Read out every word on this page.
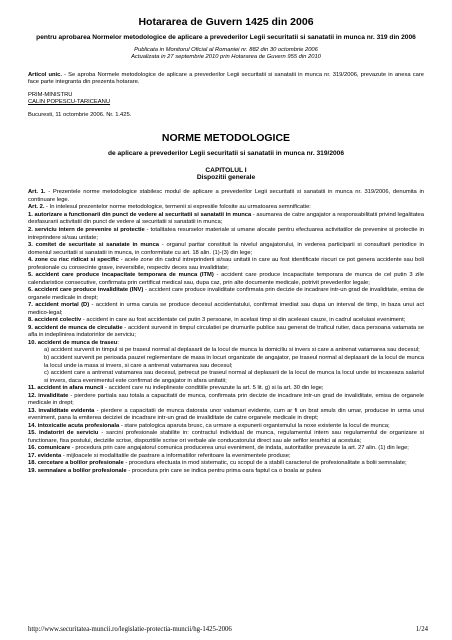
Hotararea de Guvern 1425 din 2006
pentru aprobarea Normelor metodologice de aplicare a prevederilor Legii securitatii si sanatatii in munca nr. 319 din 2006
Publicata in Monitorul Oficial al Romaniei nr. 882 din 30 octombrie 2006
Actualizata in 27 septembrie 2010 prin Hotararea de Guvern 955 din 2010
Articol unic. - Se aproba Normele metodologice de aplicare a prevederilor Legii securitatii si sanatatii in munca nr. 319/2006, prevazute in anexa care face parte integranta din prezenta hotarare.
PRIM-MINISTRU
CALIN POPESCU-TARICEANU
Bucuresti, 11 octombrie 2006. Nr. 1.425.
NORME METODOLOGICE
de aplicare a prevederilor Legii securitatii si sanatatii in munca nr. 319/2006
CAPITOLUL I
Dispozitii generale
Art. 1. - Prezentele norme metodologice stabilesc modul de aplicare a prevederilor Legii securitatii si sanatatii in munca nr. 319/2006, denumita in continuare lege.
Art. 2. - In intelesul prezentelor norme metodologice, termenii si expresiile folosite au urmatoarea semnificatie:
1. autorizare a functionarii din punct de vedere al securitatii si sanatatii in munca - asumarea de catre angajator a responsabilitatii privind legalitatea desfasurarii activitatii din punct de vedere al securitatii si sanatatii in munca;
2. serviciu intern de prevenire si protectie - totalitatea resurselor materiale si umane alocate pentru efectuarea activitatilor de prevenire si protectie in intreprindere si/sau unitate;
3. comitet de securitate si sanatate in munca - organul paritar constituit la nivelul angajatorului, in vederea participarii si consultarii periodice in domeniul securitatii si sanatatii in munca, in conformitate cu art. 18 alin. (1)-(3) din lege;
4. zone cu risc ridicat si specific - acele zone din cadrul intreprinderii si/sau unitatii in care au fost identificate riscuri ce pot genera accidente sau boli profesionale cu consecinte grave, ireversibile, respectiv deces sau invaliditate;
5. accident care produce incapacitate temporara de munca (ITM) - accident care produce incapacitate temporara de munca de cel putin 3 zile calendaristice consecutive, confirmata prin certificat medical sau, dupa caz, prin alte documente medicale, potrivit prevederilor legale;
6. accident care produce invaliditate (INV) - accident care produce invaliditate confirmata prin decizie de incadrare intr-un grad de invaliditate, emisa de organele medicale in drept;
7. accident mortal (D) - accident in urma caruia se produce decesul accidentatului, confirmat imediat sau dupa un interval de timp, in baza unui act medico-legal;
8. accident colectiv - accident in care au fost accidentate cel putin 3 persoane, in acelasi timp si din aceleasi cauze, in cadrul aceluiasi eveniment;
9. accident de munca de circulatie - accident survenit in timpul circulatiei pe drumurile publice sau generat de traficul rutier, daca persoana vatamata se afla in indeplinirea indatoririlor de serviciu;
10. accident de munca de traseu:
a) accident survenit in timpul si pe traseul normal al deplasarii de la locul de munca la domiciliu si invers si care a antrenat vatamarea sau decesul;
b) accident survenit pe perioada pauzei reglementare de masa in locuri organizate de angajator, pe traseul normal al deplasarii de la locul de munca la locul unde ia masa si invers, si care a antrenat vatamarea sau decesul;
c) accident care a antrenat vatamarea sau decesul, petrecut pe traseul normal al deplasarii de la locul de munca la locul unde isi incaseaza salariul si invers, daca evenimentul este confirmat de angajator in afara unitatii;
11. accident in afara muncii - accident care nu indeplineste conditiile prevazute la art. 5 lit. g) si la art. 30 din lege;
12. invaliditate - pierdere partiala sau totala a capacitatii de munca, confirmata prin decizie de incadrare intr-un grad de invaliditate, emisa de organele medicale in drept;
13. invaliditate evidenta - pierdere a capacitatii de munca datorata unor vatamari evidente, cum ar fi un brat smuls din umar, producse in urma unui eveniment, pana la emiterea deciziei de incadrare intr-un grad de invaliditate de catre organele medicale in drept;
14. intoxicatie acuta profesionala - stare patologica aparuta brusc, ca urmare a expunerii organismului la noxe existente la locul de munca;
15. indatoriri de serviciu - sarcini profesionale stabilite in: contractul individual de munca, regulamentul intern sau regulamentul de organizare si functionare, fisa postului, deciziile scrise, dispozitiile scrise ori verbale ale conducatorului direct sau ale sefilor ierarhici ai acestuia;
16. comunicare - procedura prin care angajatorul comunica producerea unui eveniment, de indata, autoritatilor prevazute la art. 27 alin. (1) din lege;
17. evidenta - mijloacele si modalitatile de pastrare a informatiilor referitoare la evenimentele produse;
18. cercetare a bolilor profesionale - procedura efectuata in mod sistematic, cu scopul de a stabili caracterul de profesionalitate a bolii semnalate;
19. semnalare a bolilor profesionale - procedura prin care se indica pentru prima oara faptul ca o boala ar putea
http://www.securitatea-muncii.ro/legislatie-protectia-muncii/hg-1425-2006	1/24
